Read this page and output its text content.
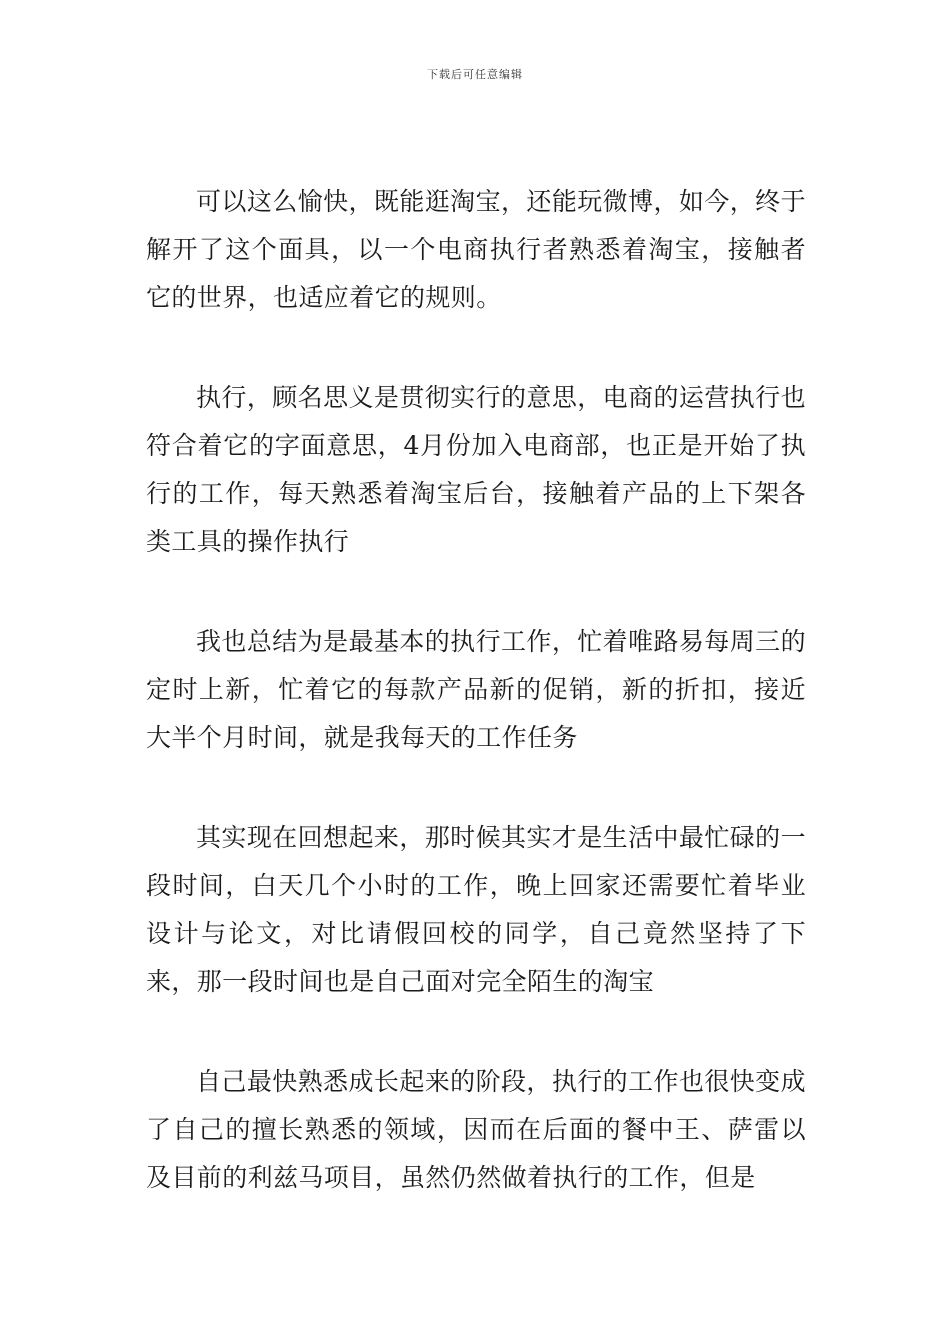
下载后可任意编辑

可以这么愉快，既能逛淘宝，还能玩微博，如今，终于解开了这个面具，以一个电商执行者熟悉着淘宝，接触者它的世界，也适应着它的规则。

执行，顾名思义是贯彻实行的意思，电商的运营执行也符合着它的字面意思，4月份加入电商部，也正是开始了执行的工作，每天熟悉着淘宝后台，接触着产品的上下架各类工具的操作执行

我也总结为是最基本的执行工作，忙着唯路易每周三的定时上新，忙着它的每款产品新的促销，新的折扣，接近大半个月时间，就是我每天的工作任务

其实现在回想起来，那时候其实才是生活中最忙碌的一段时间，白天几个小时的工作，晚上回家还需要忙着毕业设计与论文，对比请假回校的同学，自己竟然坚持了下来，那一段时间也是自己面对完全陌生的淘宝

自己最快熟悉成长起来的阶段，执行的工作也很快变成了自己的擅长熟悉的领域，因而在后面的餐中王、萨雷以及目前的利兹马项目，虽然仍然做着执行的工作，但是
